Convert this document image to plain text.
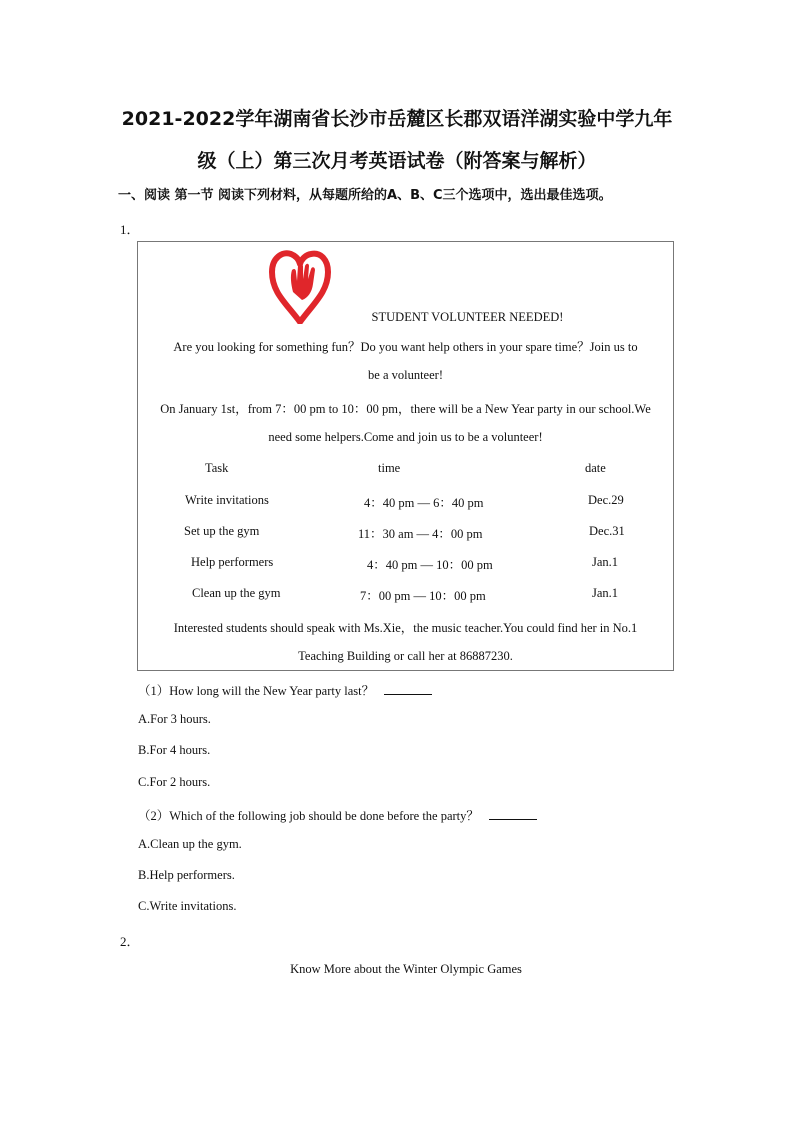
2021-2022学年湖南省长沙市岳麓区长郡双语洋湖实验中学九年
级（上）第三次月考英语试卷（附答案与解析）
一、阅读 第一节 阅读下列材料，从每题所给的A、B、C三个选项中，选出最佳选项。
1．
STUDENT VOLUNTEER NEEDED!
Are you looking for something fun？Do you want help others in your spare time？Join us to
be a volunteer!
On January 1st，from 7：00 pm to 10：00 pm，there will be a New Year party in our school.We
need some helpers.Come and join us to be a volunteer!
Task	time	date
Write invitations	4：40 pm — 6：40 pm	Dec.29
Set up the gym	11：30 am — 4：00 pm	Dec.31
Help performers	4：40 pm — 10：00 pm	Jan.1
Clean up the gym	7：00 pm — 10：00 pm	Jan.1
Interested students should speak with Ms.Xie，the music teacher.You could find her in No.1
Teaching Building or call her at 86887230.
（1）How long will the New Year party last？
A.For 3 hours.
B.For 4 hours.
C.For 2 hours.
（2）Which of the following job should be done before the party？
A.Clean up the gym.
B.Help performers.
C.Write invitations.
2．
Know More about the Winter Olympic Games
